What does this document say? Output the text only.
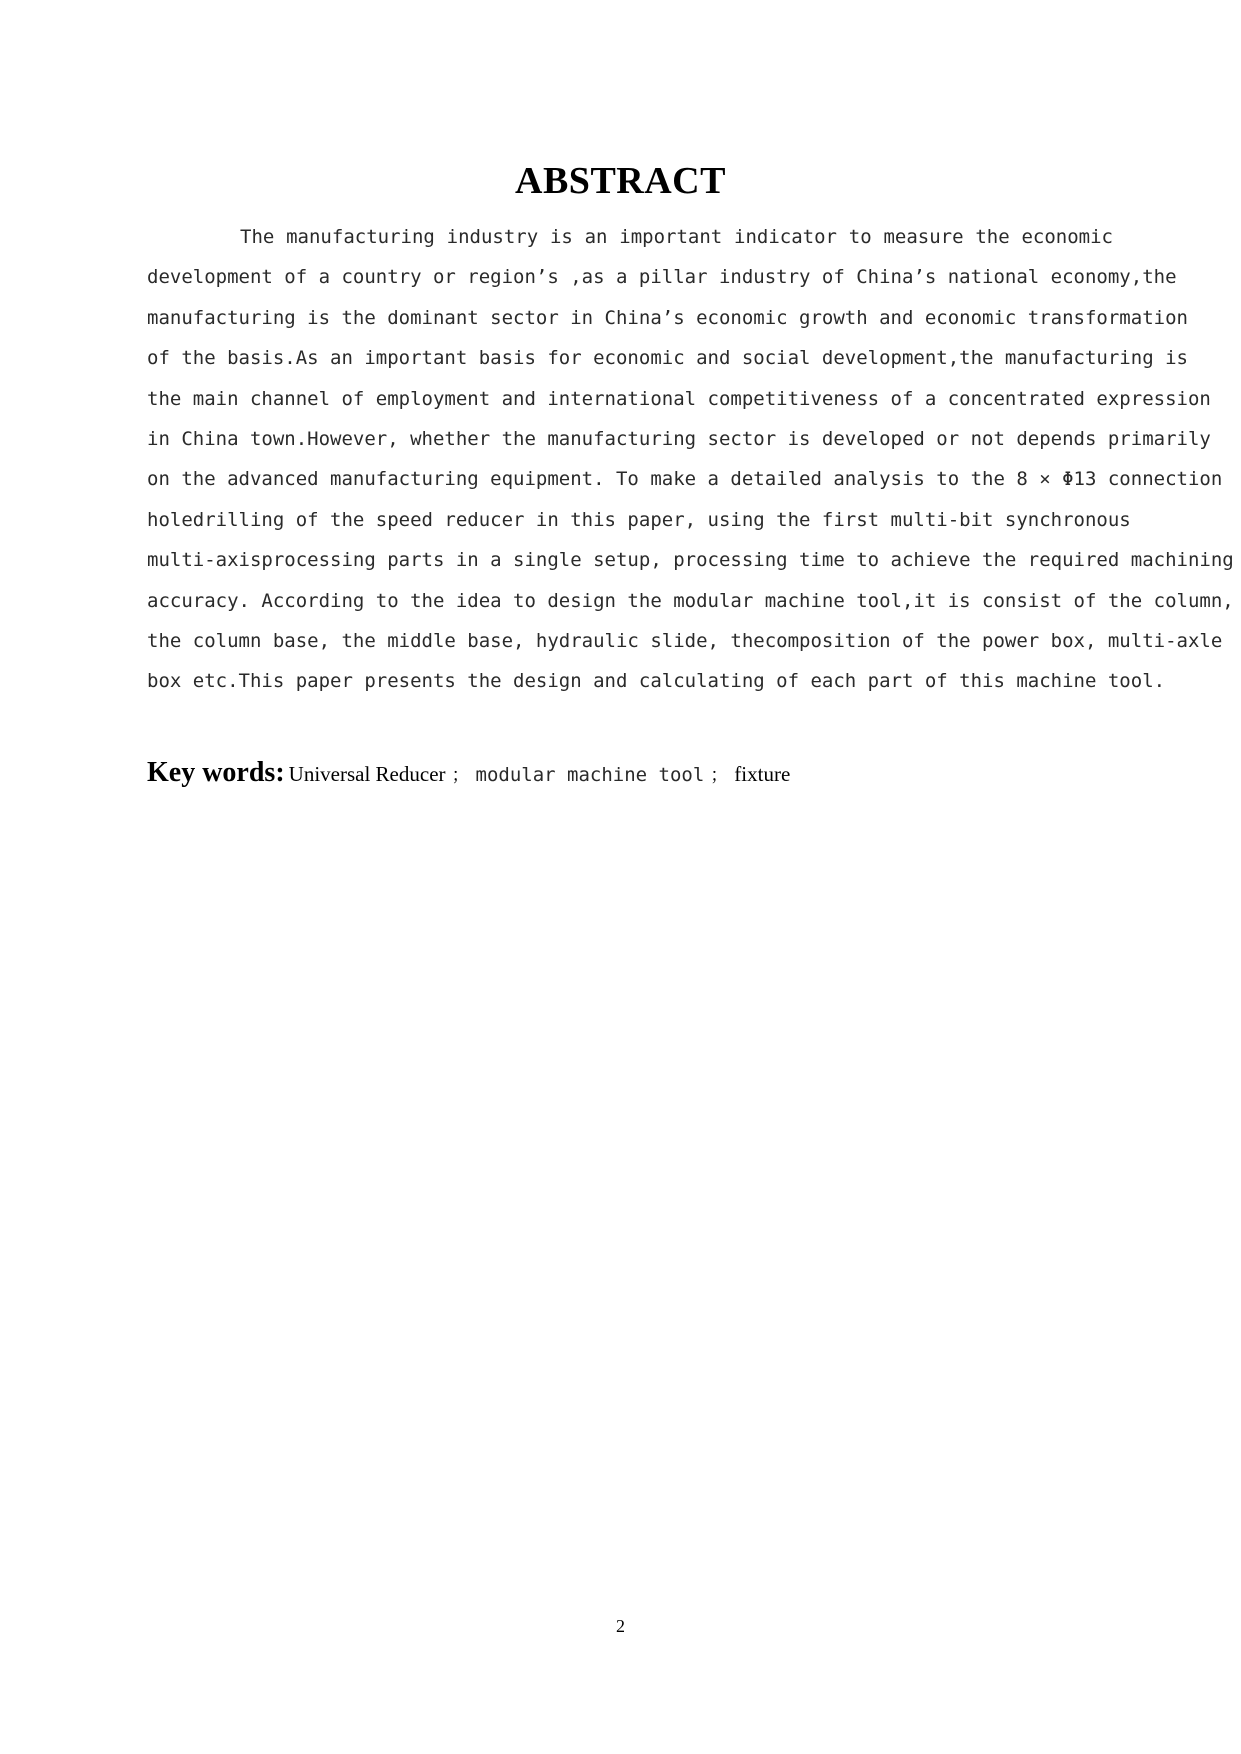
ABSTRACT
The manufacturing industry is an important indicator to measure the economic
development of a country or region’s ,as a pillar industry of China’s national economy,the
manufacturing is the dominant sector in China’s economic growth and economic transformation
of the basis.As an important basis for economic and social development,the manufacturing is
the main channel of employment and international competitiveness of a concentrated expression
in China town.However, whether the manufacturing sector is developed or not depends primarily
on the advanced manufacturing equipment. To make a detailed analysis to the 8 × Φ13 connection
holedrilling of the speed reducer in this paper, using the first multi-bit synchronous
multi-axisprocessing parts in a single setup, processing time to achieve the required machining
accuracy. According to the idea to design the modular machine tool,it is consist of the column,
the column base, the middle base, hydraulic slide, thecomposition of the power box, multi-axle
box etc.This paper presents the design and calculating of each part of this machine tool.
Key words: Universal Reducer ； modular machine tool ； fixture
2
